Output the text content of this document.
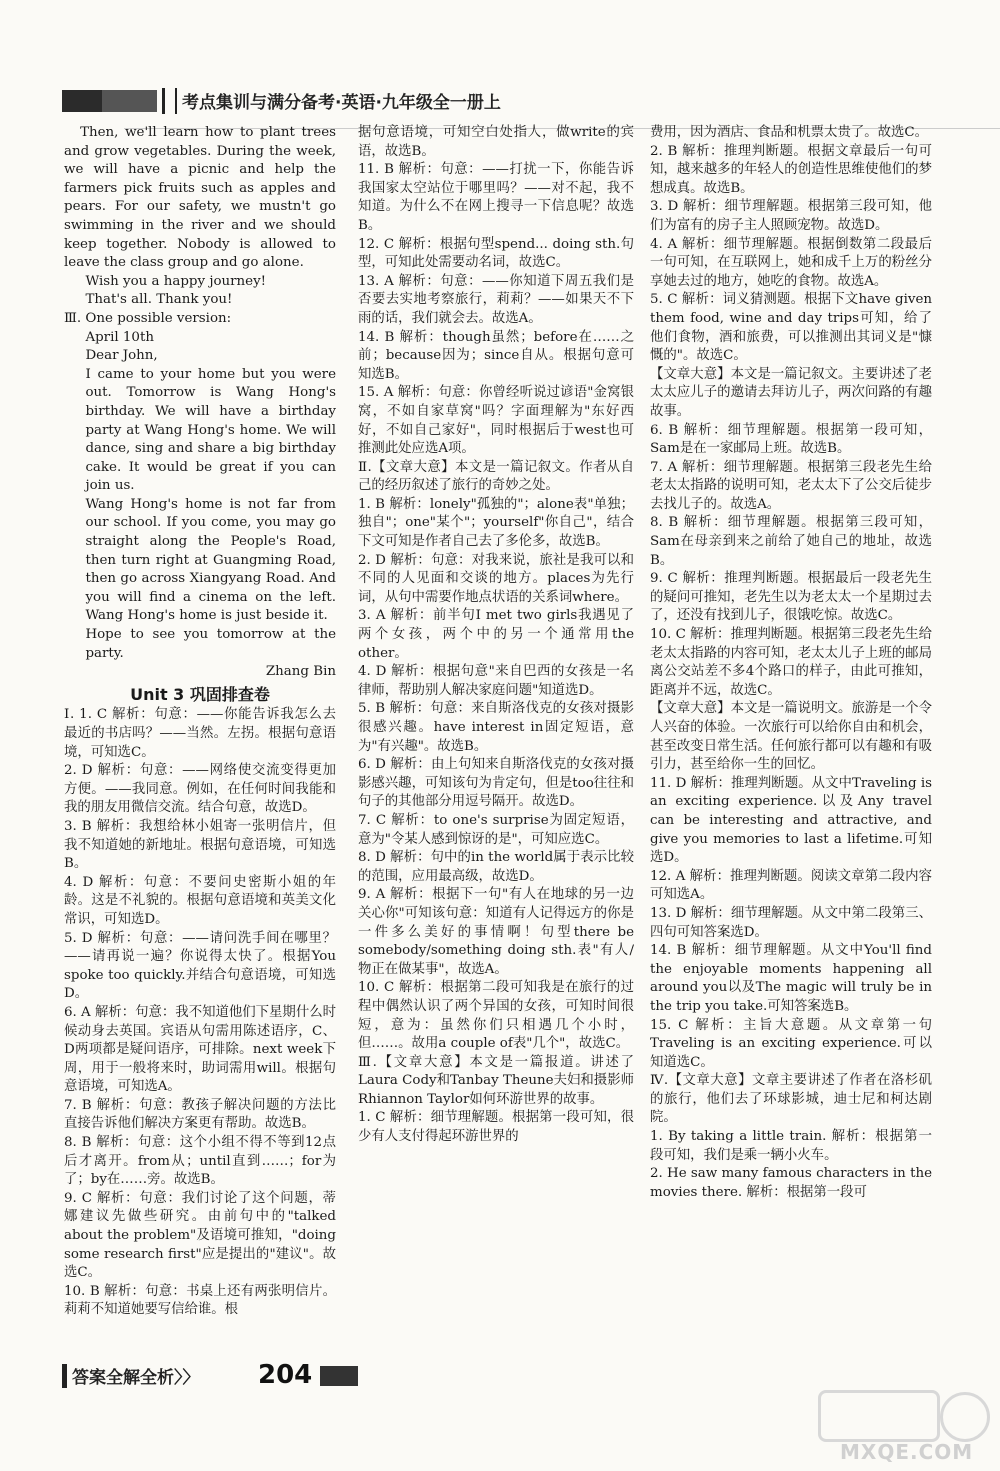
考点集训与满分备考·英语·九年级全一册上

Then, we'll learn how to plant trees and grow vegetables. During the week, we will have a picnic and help the farmers pick fruits such as apples and pears. For our safety, we mustn't go swimming in the river and we should keep together. Nobody is allowed to leave the class group and go alone.

Wish you a happy journey!

That's all. Thank you!

Ⅲ. One possible version:

April 10th

Dear John,

I came to your home but you were out. Tomorrow is Wang Hong's birthday. We will have a birthday party at Wang Hong's home. We will dance, sing and share a big birthday cake. It would be great if you can join us.

Wang Hong's home is not far from our school. If you come, you may go straight along the People's Road, then turn right at Guangming Road, then go across Xiangyang Road. And you will find a cinema on the left. Wang Hong's home is just beside it.

Hope to see you tomorrow at the party.

Zhang Bin

Unit 3 巩固排查卷

Ⅰ. 1. C 解析：句意：——你能告诉我怎么去最近的书店吗？——当然。左拐。根据句意语境，可知选C。

2. D 解析：句意：——网络使交流变得更加方便。——我同意。例如，在任何时间我能和我的朋友用微信交流。结合句意，故选D。

3. B 解析：我想给林小姐寄一张明信片，但我不知道她的新地址。根据句意语境，可知选B。

4. D 解析：句意：不要问史密斯小姐的年龄。这是不礼貌的。根据句意语境和英美文化常识，可知选D。

5. D 解析：句意：——请问洗手间在哪里？——请再说一遍？你说得太快了。根据You spoke too quickly.并结合句意语境，可知选D。

6. A 解析：句意：我不知道他们下星期什么时候动身去英国。宾语从句需用陈述语序，C、D两项都是疑问语序，可排除。next week下周，用于一般将来时，助词需用will。根据句意语境，可知选A。

7. B 解析：句意：教孩子解决问题的方法比直接告诉他们解决方案更有帮助。故选B。

8. B 解析：句意：这个小组不得不等到12点后才离开。from从；until直到……；for为了；by在……旁。故选B。

9. C 解析：句意：我们讨论了这个问题，蒂娜建议先做些研究。由前句中的"talked about the problem"及语境可推知，"doing some research first"应是提出的"建议"。故选C。

10. B 解析：句意：书桌上还有两张明信片。莉莉不知道她要写信给谁。根

据句意语境，可知空白处指人，做write的宾语，故选B。

11. B 解析：句意：——打扰一下，你能告诉我国家太空站位于哪里吗？——对不起，我不知道。为什么不在网上搜寻一下信息呢？故选B。

12. C 解析：根据句型spend... doing sth.句型，可知此处需要动名词，故选C。

13. A 解析：句意：——你知道下周五我们是否要去实地考察旅行，莉莉？——如果天不下雨的话，我们就会去。故选A。

14. B 解析：though虽然；before在……之前；because因为；since自从。根据句意可知选B。

15. A 解析：句意：你曾经听说过谚语"金窝银窝，不如自家草窝"吗？字面理解为"东好西好，不如自己家好"，同时根据后于west也可推测此处应选A项。

Ⅱ.【文章大意】本文是一篇记叙文。作者从自己的经历叙述了旅行的奇妙之处。

1. B 解析：lonely"孤独的"；alone表"单独；独自"；one"某个"；yourself"你自己"，结合下文可知是作者自己去了多伦多，故选B。

2. D 解析：句意：对我来说，旅社是我可以和不同的人见面和交谈的地方。places为先行词，从句中需要作地点状语的关系词where。

3. A 解析：前半句I met two girls我遇见了两个女孩，两个中的另一个通常用the other。

4. D 解析：根据句意"来自巴西的女孩是一名律师，帮助别人解决家庭问题"知道选D。

5. B 解析：句意：来自斯洛伐克的女孩对摄影很感兴趣。have interest in固定短语，意为"有兴趣"。故选B。

6. D 解析：由上句知来自斯洛伐克的女孩对摄影感兴趣，可知该句为肯定句，但是too往往和句子的其他部分用逗号隔开。故选D。

7. C 解析：to one's surprise为固定短语，意为"令某人感到惊讶的是"，可知应选C。

8. D 解析：句中的in the world属于表示比较的范围，应用最高级，故选D。

9. A 解析：根据下一句"有人在地球的另一边关心你"可知该句意：知道有人记得远方的你是一件多么美好的事情啊！句型there be somebody/something doing sth.表"有人/物正在做某事"，故选A。

10. C 解析：根据第二段可知我是在旅行的过程中偶然认识了两个异国的女孩，可知时间很短，意为：虽然你们只相遇几个小时，但……。故用a couple of表"几个"，故选C。

Ⅲ.【文章大意】本文是一篇报道。讲述了Laura Cody和Tanbay Theune夫妇和摄影师Rhiannon Taylor如何环游世界的故事。

1. C 解析：细节理解题。根据第一段可知，很少有人支付得起环游世界的

费用，因为酒店、食品和机票太贵了。故选C。

2. B 解析：推理判断题。根据文章最后一句可知，越来越多的年轻人的创造性思维使他们的梦想成真。故选B。

3. D 解析：细节理解题。根据第三段可知，他们为富有的房子主人照顾宠物。故选D。

4. A 解析：细节理解题。根据倒数第二段最后一句可知，在互联网上，她和成千上万的粉丝分享她去过的地方，她吃的食物。故选A。

5. C 解析：词义猜测题。根据下文have given them food, wine and day trips可知，给了他们食物，酒和旅费，可以推测出其词义是"慷慨的"。故选C。

【文章大意】本文是一篇记叙文。主要讲述了老太太应儿子的邀请去拜访儿子，两次问路的有趣故事。

6. B 解析：细节理解题。根据第一段可知，Sam是在一家邮局上班。故选B。

7. A 解析：细节理解题。根据第三段老先生给老太太指路的说明可知，老太太下了公交后徒步去找儿子的。故选A。

8. B 解析：细节理解题。根据第三段可知，Sam在母亲到来之前给了她自己的地址，故选B。

9. C 解析：推理判断题。根据最后一段老先生的疑问可推知，老先生以为老太太一个星期过去了，还没有找到儿子，很饿吃惊。故选C。

10. C 解析：推理判断题。根据第三段老先生给老太太指路的内容可知，老太太儿子上班的邮局离公交站差不多4个路口的样子，由此可推知，距离并不远，故选C。

【文章大意】本文是一篇说明文。旅游是一个令人兴奋的体验。一次旅行可以给你自由和机会，甚至改变日常生活。任何旅行都可以有趣和有吸引力，甚至给你一生的回忆。

11. D 解析：推理判断题。从文中Traveling is an exciting experience.以及Any travel can be interesting and attractive, and give you memories to last a lifetime.可知选D。

12. A 解析：推理判断题。阅读文章第二段内容可知选A。

13. D 解析：细节理解题。从文中第二段第三、四句可知答案选D。

14. B 解析：细节理解题。从文中You'll find the enjoyable moments happening all around you以及The magic will truly be in the trip you take.可知答案选B。

15. C 解析：主旨大意题。从文章第一句Traveling is an exciting experience.可以知道选C。

Ⅳ.【文章大意】文章主要讲述了作者在洛杉矶的旅行，他们去了环球影城，迪士尼和柯达剧院。

1. By taking a little train. 解析：根据第一段可知，我们是乘一辆小火车。

2. He saw many famous characters in the movies there. 解析：根据第一段可

答案全解全析〉〉 204
MXQE.COM
